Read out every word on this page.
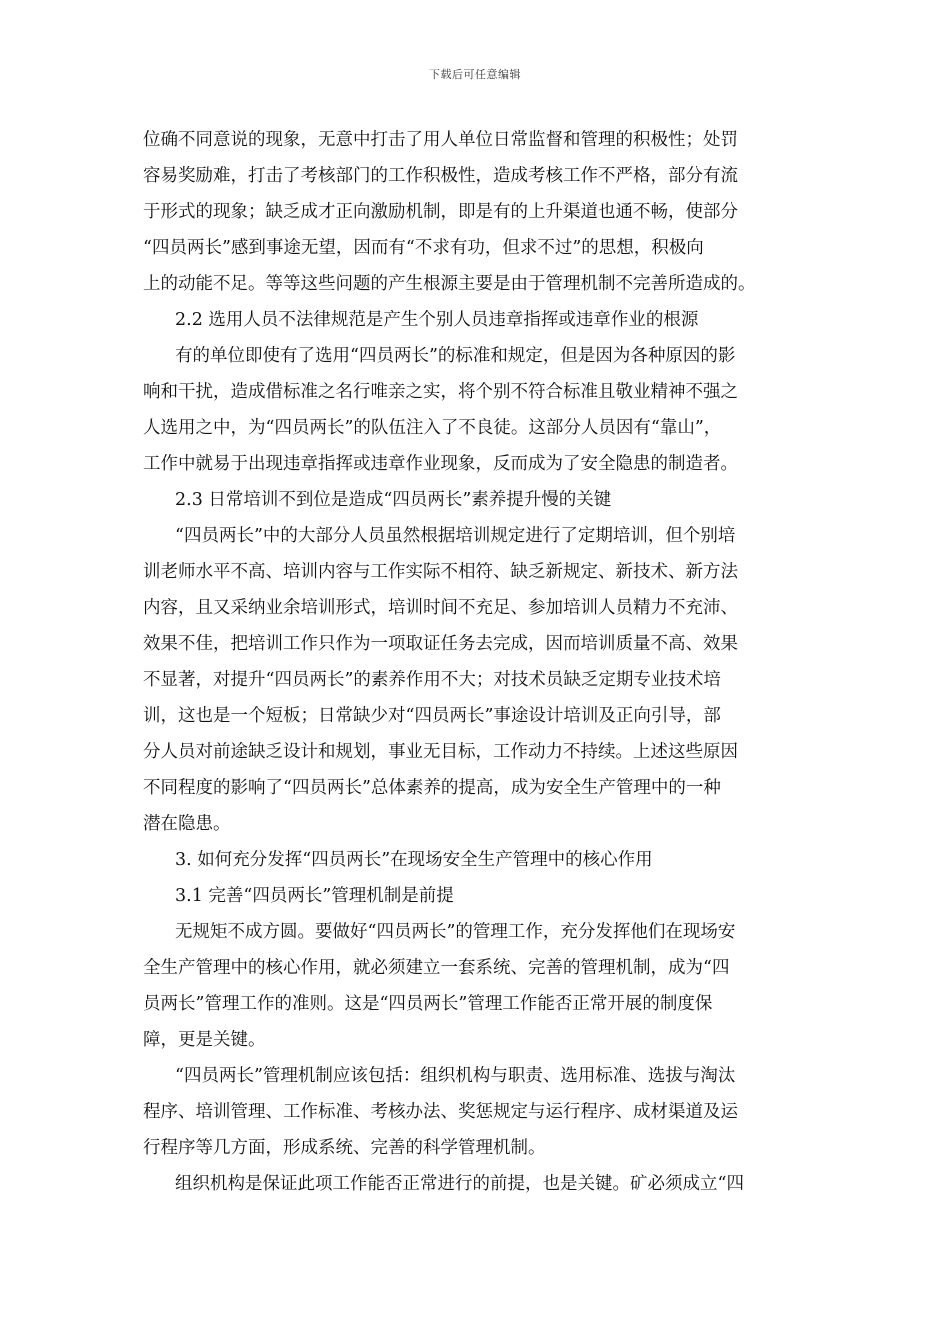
下载后可任意编辑
位确不同意说的现象，无意中打击了用人单位日常监督和管理的积极性；处罚
容易奖励难，打击了考核部门的工作积极性，造成考核工作不严格，部分有流
于形式的现象；缺乏成才正向激励机制，即是有的上升渠道也通不畅，使部分
“四员两长”感到事途无望，因而有“不求有功，但求不过”的思想，积极向
上的动能不足。等等这些问题的产生根源主要是由于管理机制不完善所造成的。
2.2 选用人员不法律规范是产生个别人员违章指挥或违章作业的根源
有的单位即使有了选用“四员两长”的标准和规定，但是因为各种原因的影
响和干扰，造成借标准之名行唯亲之实，将个别不符合标准且敬业精神不强之
人选用之中，为“四员两长”的队伍注入了不良徒。这部分人员因有“靠山”，
工作中就易于出现违章指挥或违章作业现象，反而成为了安全隐患的制造者。
2.3 日常培训不到位是造成“四员两长”素养提升慢的关键
“四员两长”中的大部分人员虽然根据培训规定进行了定期培训，但个别培
训老师水平不高、培训内容与工作实际不相符、缺乏新规定、新技术、新方法
内容，且又采纳业余培训形式，培训时间不充足、参加培训人员精力不充沛、
效果不佳，把培训工作只作为一项取证任务去完成，因而培训质量不高、效果
不显著，对提升“四员两长”的素养作用不大；对技术员缺乏定期专业技术培
训，这也是一个短板；日常缺少对“四员两长”事途设计培训及正向引导，部
分人员对前途缺乏设计和规划，事业无目标，工作动力不持续。上述这些原因
不同程度的影响了“四员两长”总体素养的提高，成为安全生产管理中的一种
潜在隐患。
3. 如何充分发挥“四员两长”在现场安全生产管理中的核心作用
3.1 完善“四员两长”管理机制是前提
无规矩不成方圆。要做好“四员两长”的管理工作，充分发挥他们在现场安
全生产管理中的核心作用，就必须建立一套系统、完善的管理机制，成为“四
员两长”管理工作的准则。这是“四员两长”管理工作能否正常开展的制度保
障，更是关键。
“四员两长”管理机制应该包括：组织机构与职责、选用标准、选拔与淘汰
程序、培训管理、工作标准、考核办法、奖惩规定与运行程序、成材渠道及运
行程序等几方面，形成系统、完善的科学管理机制。
组织机构是保证此项工作能否正常进行的前提，也是关键。矿必须成立“四
